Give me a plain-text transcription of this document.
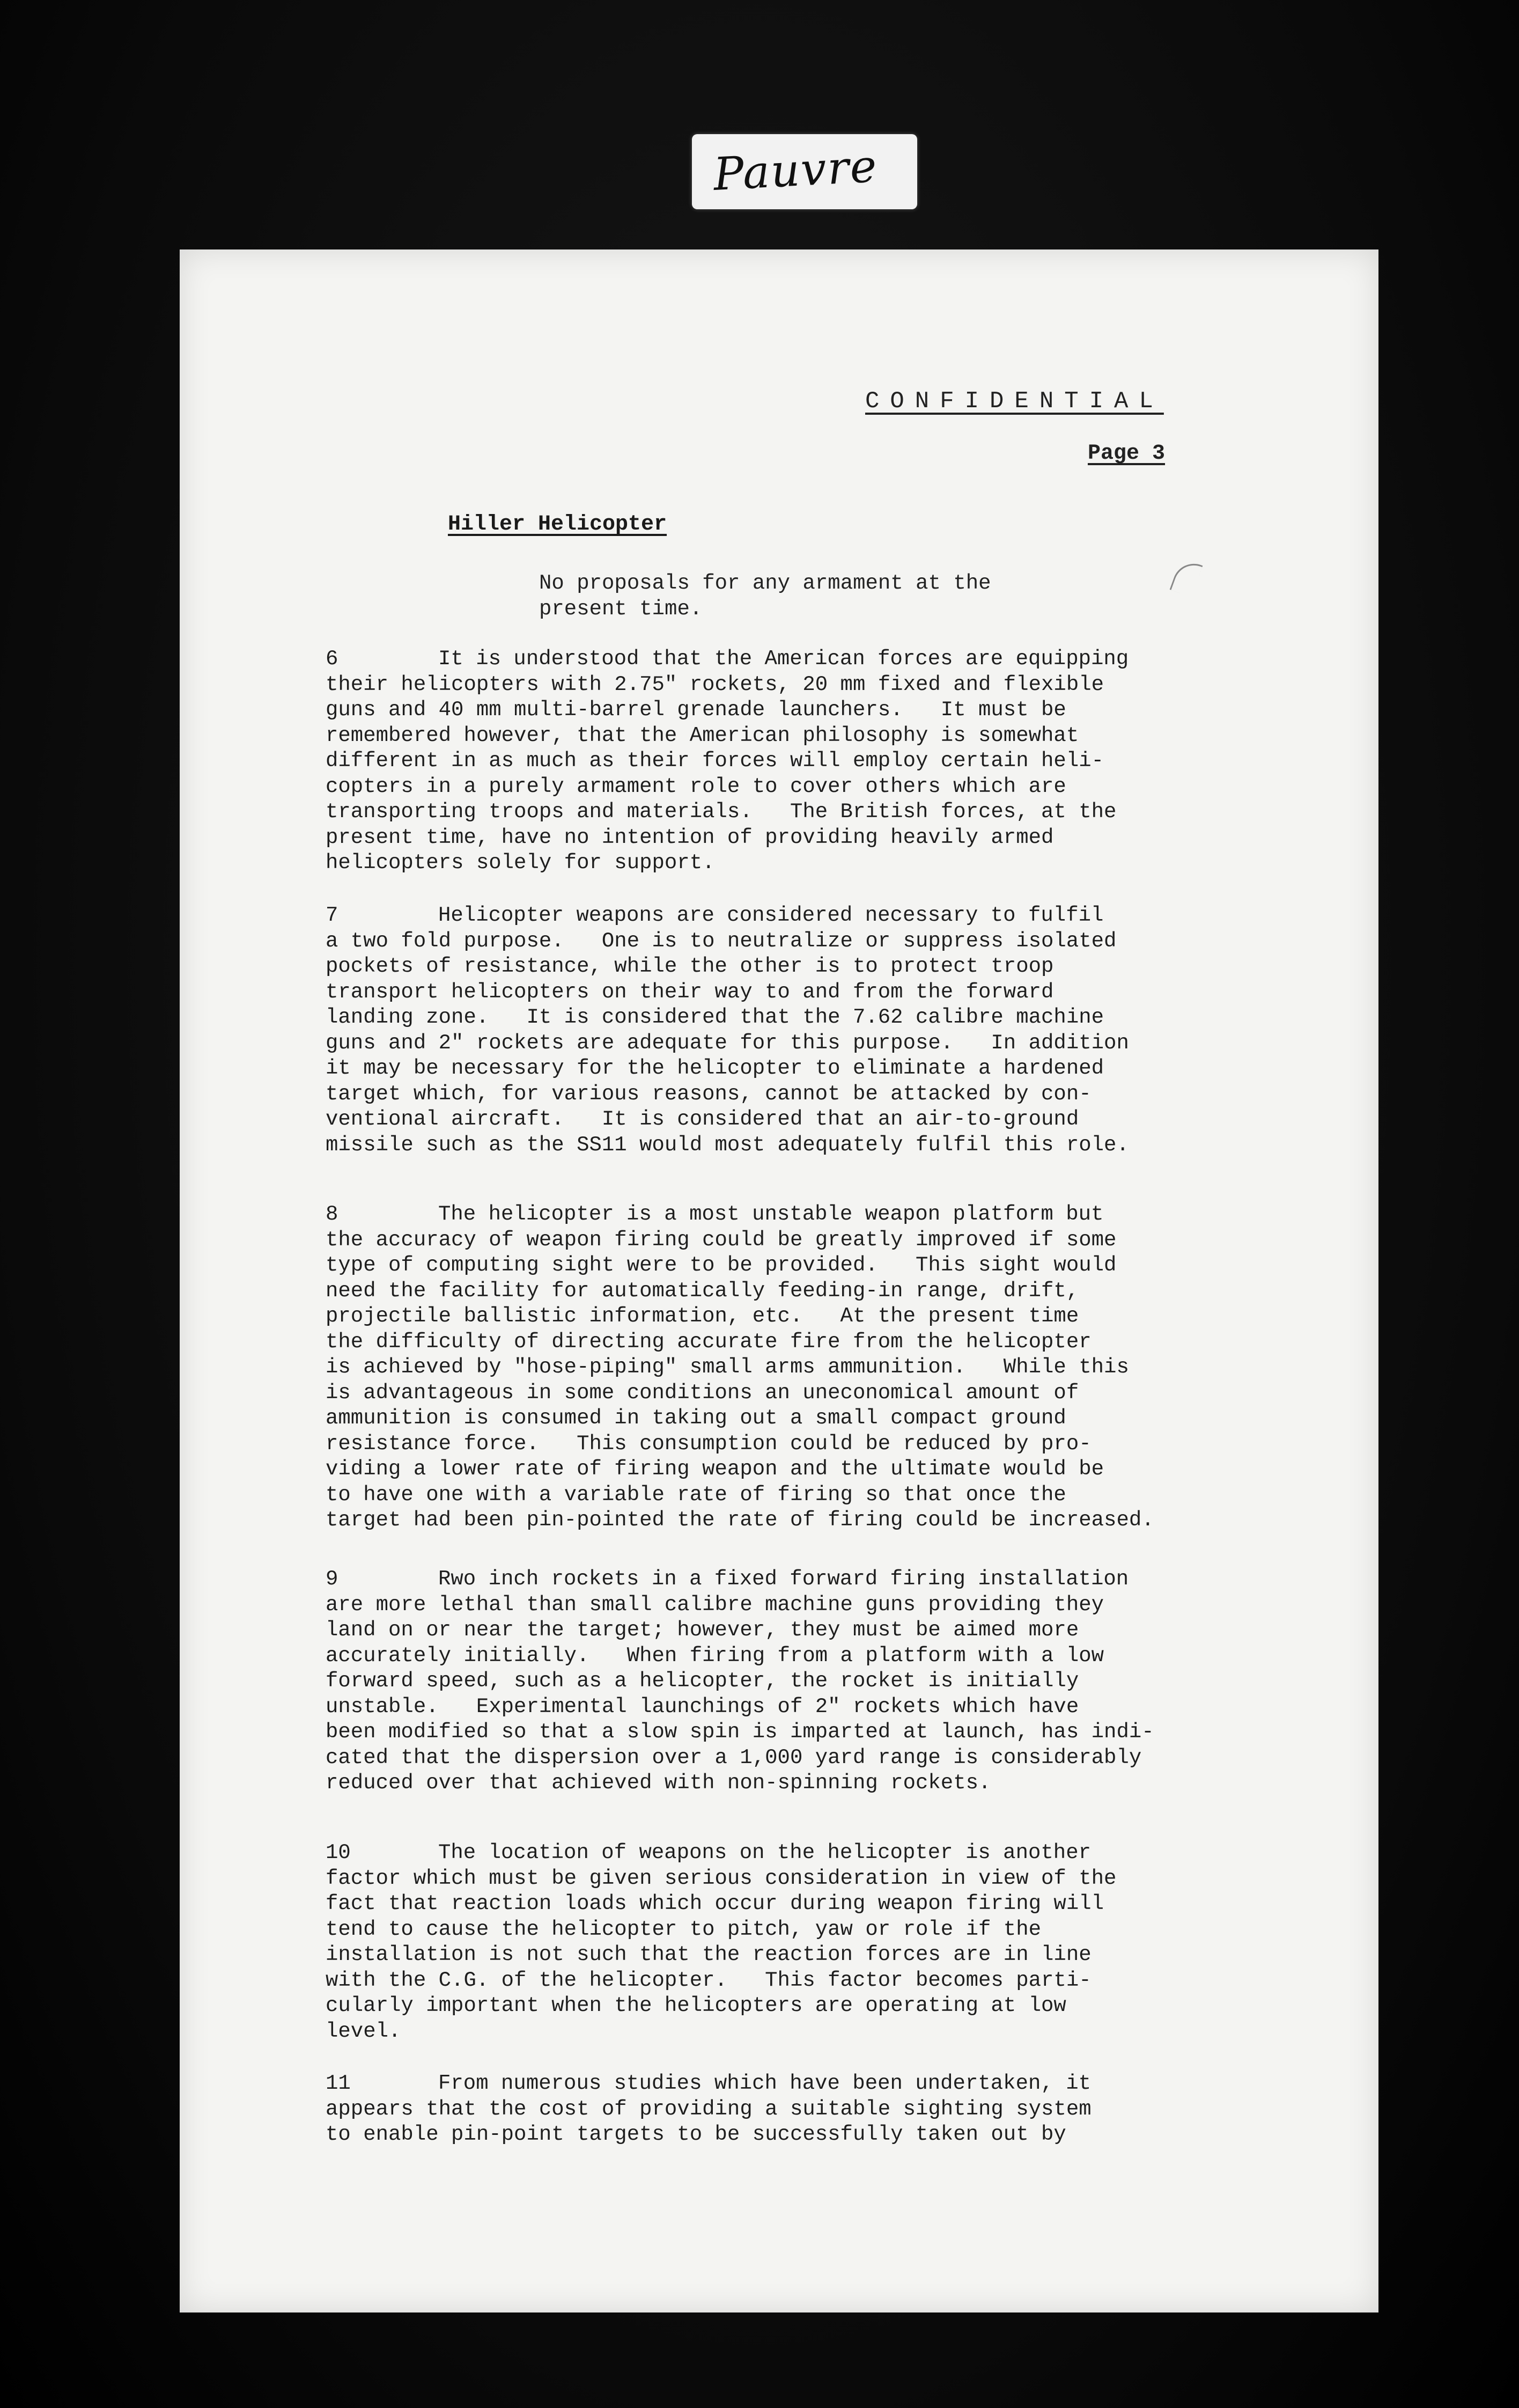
Pauvre
CONFIDENTIAL
Page 3
Hiller Helicopter
No proposals for any armament at the
present time.
6	It is understood that the American forces are equipping
their helicopters with 2.75" rockets, 20 mm fixed and flexible
guns and 40 mm multi-barrel grenade launchers.   It must be
remembered however, that the American philosophy is somewhat
different in as much as their forces will employ certain heli-
copters in a purely armament role to cover others which are
transporting troops and materials.   The British forces, at the
present time, have no intention of providing heavily armed
helicopters solely for support.
7	Helicopter weapons are considered necessary to fulfil
a two fold purpose.   One is to neutralize or suppress isolated
pockets of resistance, while the other is to protect troop
transport helicopters on their way to and from the forward
landing zone.   It is considered that the 7.62 calibre machine
guns and 2" rockets are adequate for this purpose.   In addition
it may be necessary for the helicopter to eliminate a hardened
target which, for various reasons, cannot be attacked by con-
ventional aircraft.   It is considered that an air-to-ground
missile such as the SS11 would most adequately fulfil this role.
8	The helicopter is a most unstable weapon platform but
the accuracy of weapon firing could be greatly improved if some
type of computing sight were to be provided.   This sight would
need the facility for automatically feeding-in range, drift,
projectile ballistic information, etc.   At the present time
the difficulty of directing accurate fire from the helicopter
is achieved by "hose-piping" small arms ammunition.   While this
is advantageous in some conditions an uneconomical amount of
ammunition is consumed in taking out a small compact ground
resistance force.   This consumption could be reduced by pro-
viding a lower rate of firing weapon and the ultimate would be
to have one with a variable rate of firing so that once the
target had been pin-pointed the rate of firing could be increased.
9	Rwo inch rockets in a fixed forward firing installation
are more lethal than small calibre machine guns providing they
land on or near the target; however, they must be aimed more
accurately initially.   When firing from a platform with a low
forward speed, such as a helicopter, the rocket is initially
unstable.   Experimental launchings of 2" rockets which have
been modified so that a slow spin is imparted at launch, has indi-
cated that the dispersion over a 1,000 yard range is considerably
reduced over that achieved with non-spinning rockets.
10	The location of weapons on the helicopter is another
factor which must be given serious consideration in view of the
fact that reaction loads which occur during weapon firing will
tend to cause the helicopter to pitch, yaw or role if the
installation is not such that the reaction forces are in line
with the C.G. of the helicopter.   This factor becomes parti-
cularly important when the helicopters are operating at low
level.
11	From numerous studies which have been undertaken, it
appears that the cost of providing a suitable sighting system
to enable pin-point targets to be successfully taken out by
